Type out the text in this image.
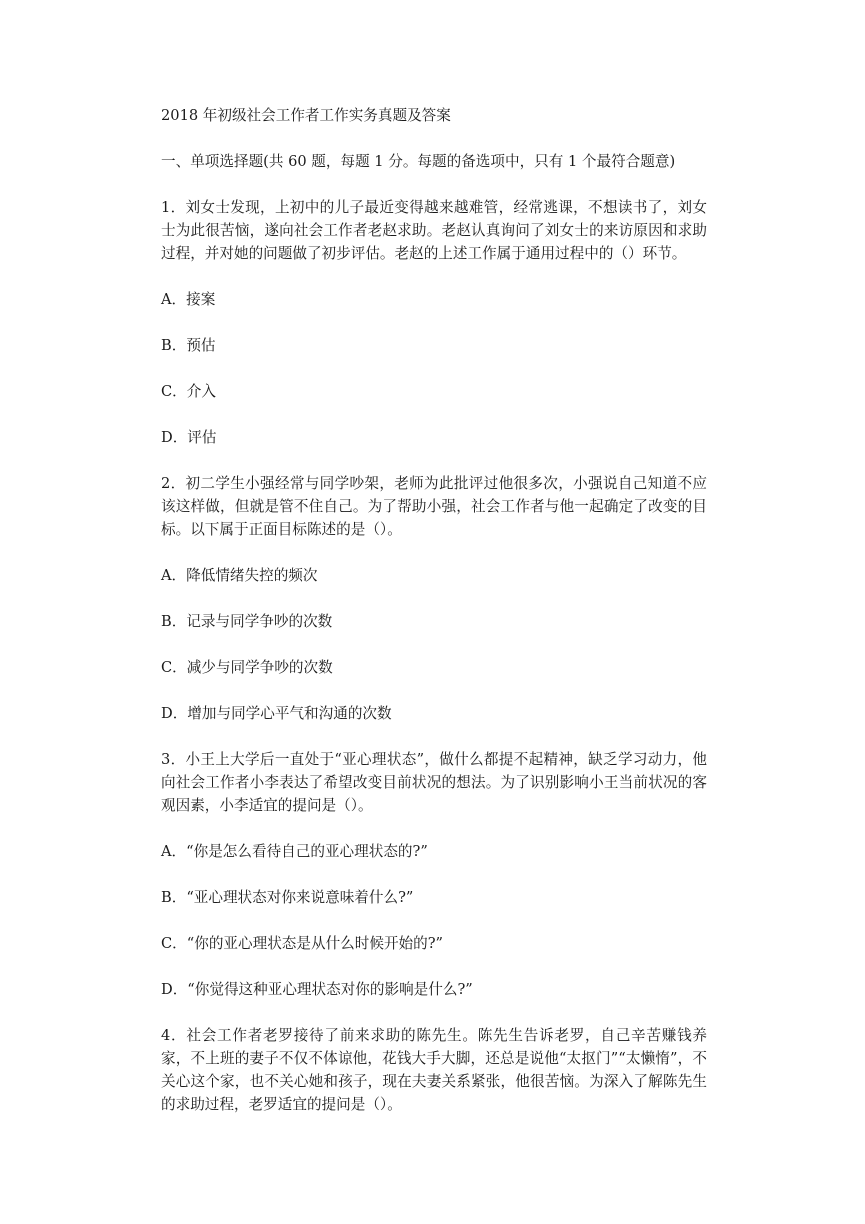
2018 年初级社会工作者工作实务真题及答案

一、单项选择题(共 60 题，每题 1 分。每题的备选项中，只有 1 个最符合题意)

1．刘女士发现，上初中的儿子最近变得越来越难管，经常逃课，不想读书了，刘女士为此很苦恼，遂向社会工作者老赵求助。老赵认真询问了刘女士的来访原因和求助过程，并对她的问题做了初步评估。老赵的上述工作属于通用过程中的（）环节。

A．接案

B．预估

C．介入

D．评估

2．初二学生小强经常与同学吵架，老师为此批评过他很多次，小强说自己知道不应该这样做，但就是管不住自己。为了帮助小强，社会工作者与他一起确定了改变的目标。以下属于正面目标陈述的是（）。

A．降低情绪失控的频次

B．记录与同学争吵的次数

C．减少与同学争吵的次数

D．增加与同学心平气和沟通的次数

3．小王上大学后一直处于“亚心理状态”，做什么都提不起精神，缺乏学习动力，他向社会工作者小李表达了希望改变目前状况的想法。为了识别影响小王当前状况的客观因素，小李适宜的提问是（）。

A．“你是怎么看待自己的亚心理状态的?”

B．“亚心理状态对你来说意味着什么?”

C．“你的亚心理状态是从什么时候开始的?”

D．“你觉得这种亚心理状态对你的影响是什么?”

4．社会工作者老罗接待了前来求助的陈先生。陈先生告诉老罗，自己辛苦赚钱养家，不上班的妻子不仅不体谅他，花钱大手大脚，还总是说他“太抠门”“太懒惰”，不关心这个家，也不关心她和孩子，现在夫妻关系紧张，他很苦恼。为深入了解陈先生的求助过程，老罗适宜的提问是（）。
